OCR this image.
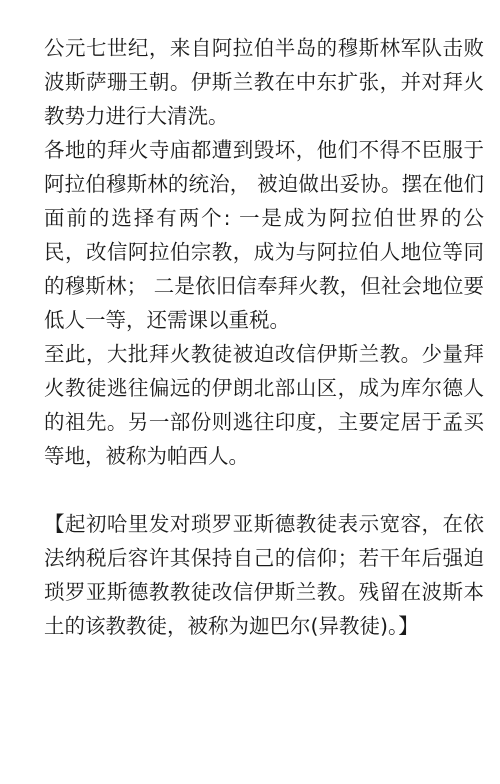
公元七世纪，来自阿拉伯半岛的穆斯林军队击败波斯萨珊王朝。伊斯兰教在中东扩张，并对拜火教势力进行大清洗。

各地的拜火寺庙都遭到毁坏，他们不得不臣服于阿拉伯穆斯林的统治， 被迫做出妥协。摆在他们面前的选择有两个: 一是成为阿拉伯世界的公民，改信阿拉伯宗教，成为与阿拉伯人地位等同的穆斯林； 二是依旧信奉拜火教，但社会地位要低人一等，还需课以重税。

至此，大批拜火教徒被迫改信伊斯兰教。少量拜火教徒逃往偏远的伊朗北部山区，成为库尔德人的祖先。另一部份则逃往印度，主要定居于孟买等地，被称为帕西人。

【起初哈里发对琐罗亚斯德教徒表示宽容，在依法纳税后容许其保持自己的信仰；若干年后强迫琐罗亚斯德教教徒改信伊斯兰教。残留在波斯本土的该教教徒，被称为迦巴尔(异教徒)。】
